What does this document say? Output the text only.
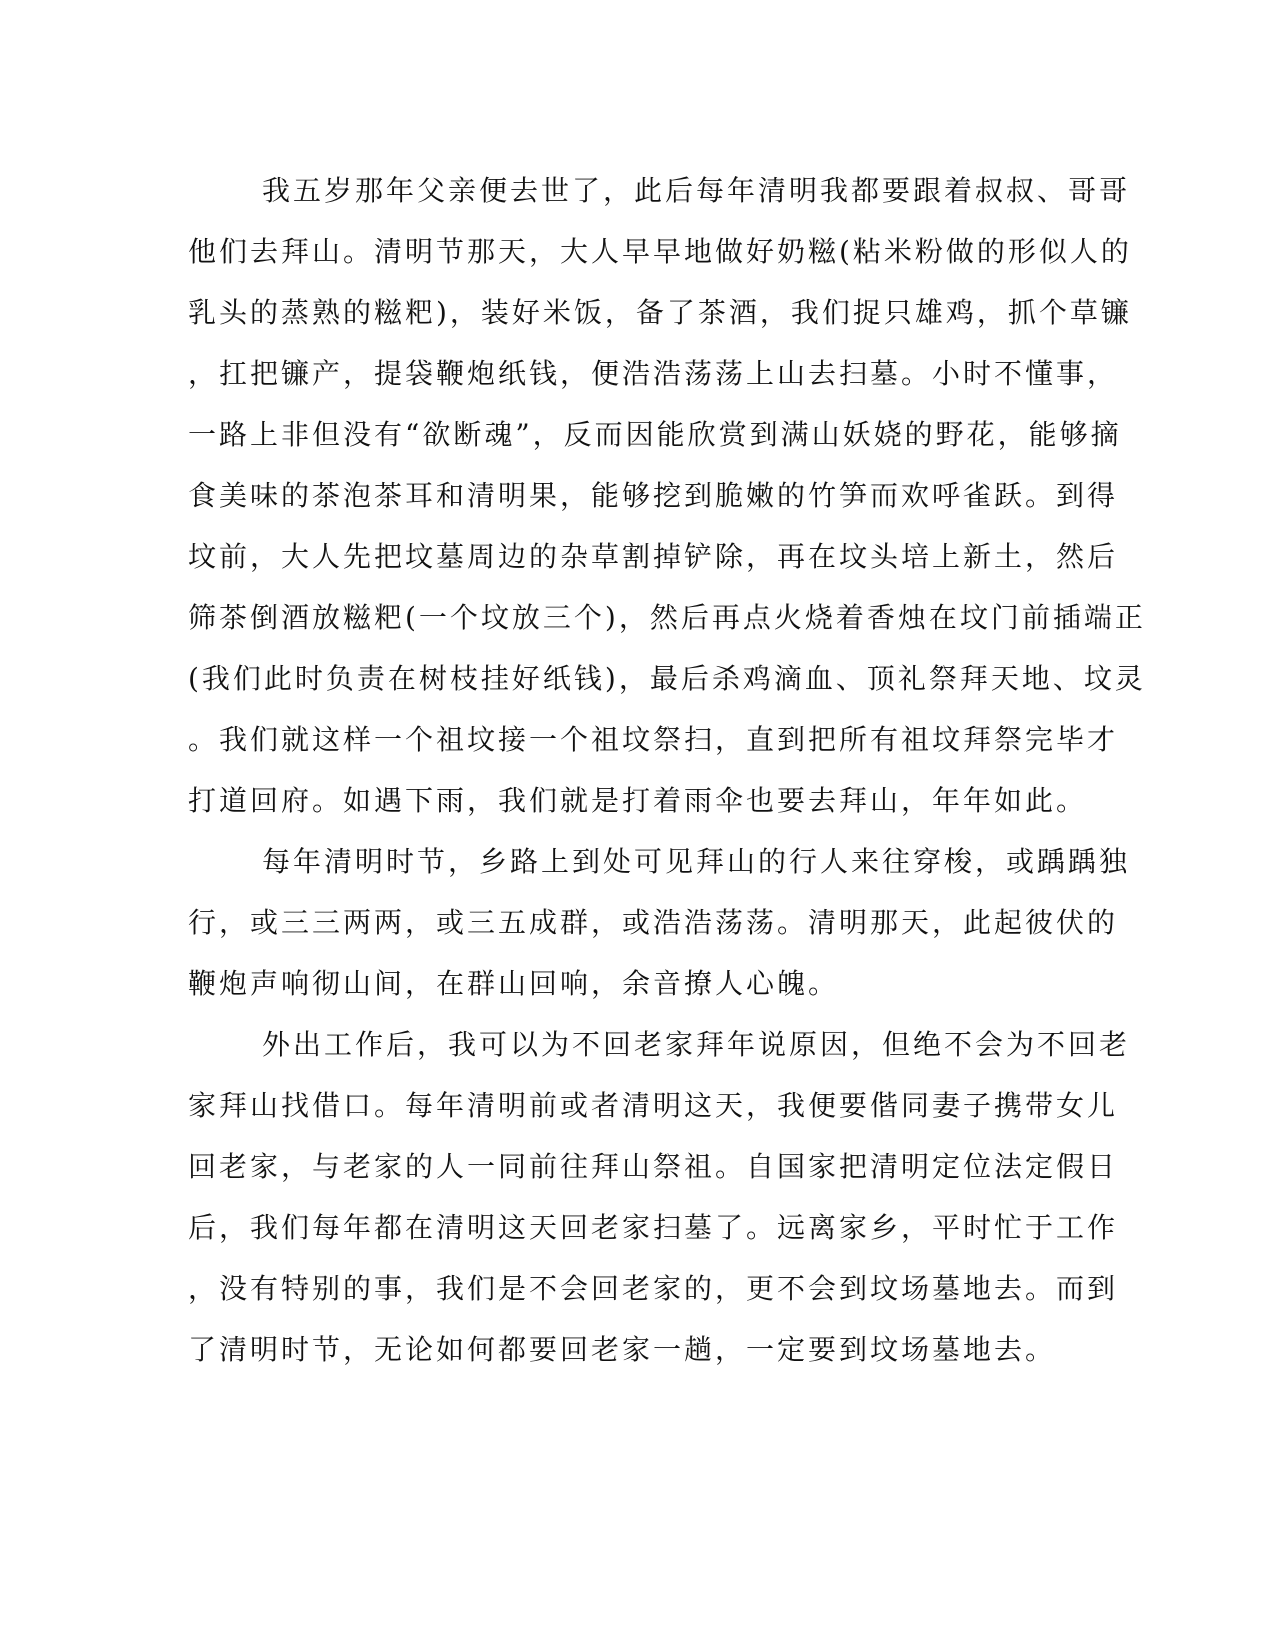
我五岁那年父亲便去世了，此后每年清明我都要跟着叔叔、哥哥
他们去拜山。清明节那天，大人早早地做好奶糍(粘米粉做的形似人的
乳头的蒸熟的糍粑)，装好米饭，备了茶酒，我们捉只雄鸡，抓个草镰
，扛把镰产，提袋鞭炮纸钱，便浩浩荡荡上山去扫墓。小时不懂事，
一路上非但没有“欲断魂”，反而因能欣赏到满山妖娆的野花，能够摘
食美味的茶泡茶耳和清明果，能够挖到脆嫩的竹笋而欢呼雀跃。到得
坟前，大人先把坟墓周边的杂草割掉铲除，再在坟头培上新土，然后
筛茶倒酒放糍粑(一个坟放三个)，然后再点火烧着香烛在坟门前插端正
(我们此时负责在树枝挂好纸钱)，最后杀鸡滴血、顶礼祭拜天地、坟灵
。我们就这样一个祖坟接一个祖坟祭扫，直到把所有祖坟拜祭完毕才
打道回府。如遇下雨，我们就是打着雨伞也要去拜山，年年如此。
每年清明时节，乡路上到处可见拜山的行人来往穿梭，或踽踽独
行，或三三两两，或三五成群，或浩浩荡荡。清明那天，此起彼伏的
鞭炮声响彻山间，在群山回响，余音撩人心魄。
外出工作后，我可以为不回老家拜年说原因，但绝不会为不回老
家拜山找借口。每年清明前或者清明这天，我便要偕同妻子携带女儿
回老家，与老家的人一同前往拜山祭祖。自国家把清明定位法定假日
后，我们每年都在清明这天回老家扫墓了。远离家乡，平时忙于工作
，没有特别的事，我们是不会回老家的，更不会到坟场墓地去。而到
了清明时节，无论如何都要回老家一趟，一定要到坟场墓地去。
